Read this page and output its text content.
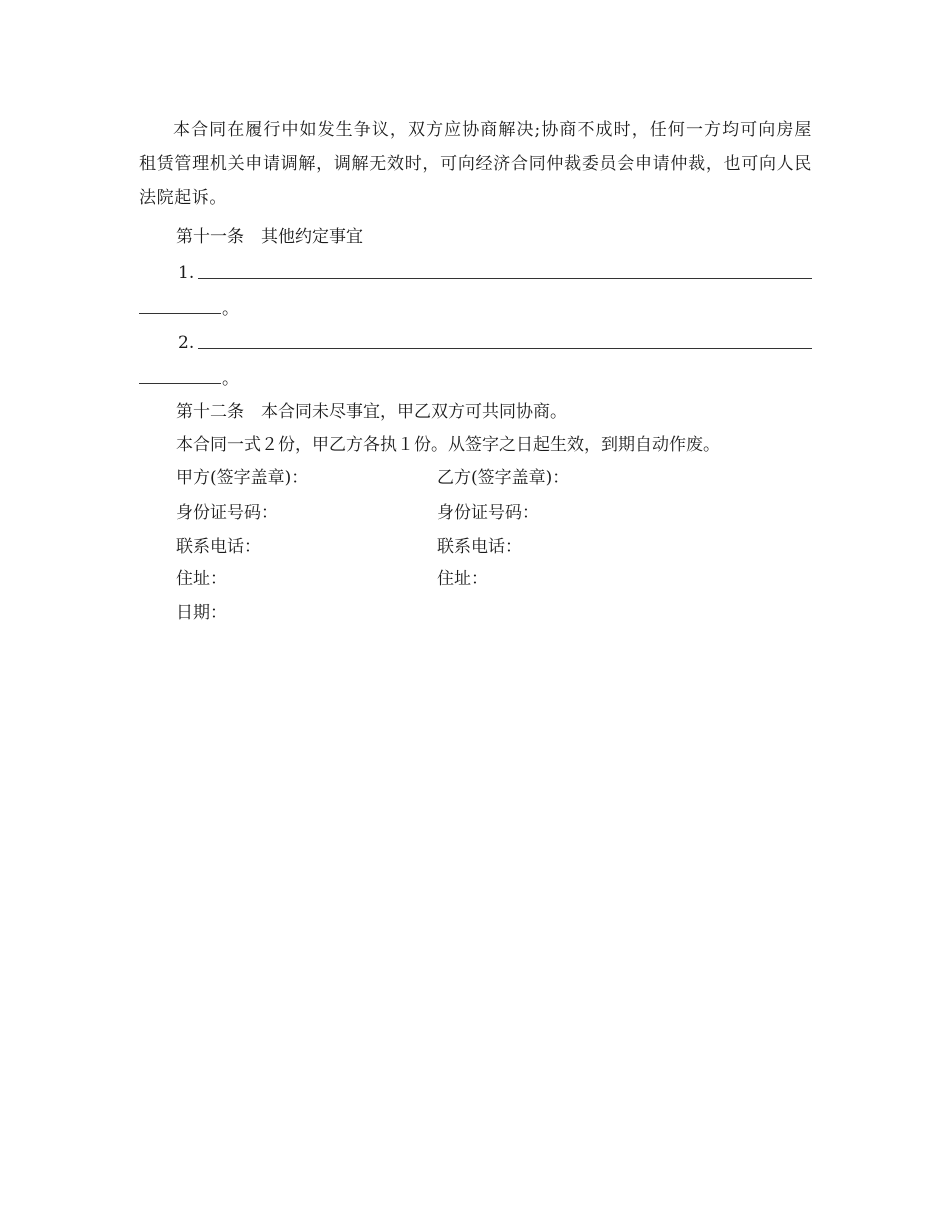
本合同在履行中如发生争议，双方应协商解决;协商不成时，任何一方均可向房屋租赁管理机关申请调解，调解无效时，可向经济合同仲裁委员会申请仲裁，也可向人民法院起诉。
第十一条　其他约定事宜
1.
。
2.
。
第十二条　本合同未尽事宜，甲乙双方可共同协商。
本合同一式２份，甲乙方各执１份。从签字之日起生效，到期自动作废。
甲方(签字盖章)：
身份证号码：
联系电话：
住址：
日期：
乙方(签字盖章)：
身份证号码：
联系电话：
住址：
